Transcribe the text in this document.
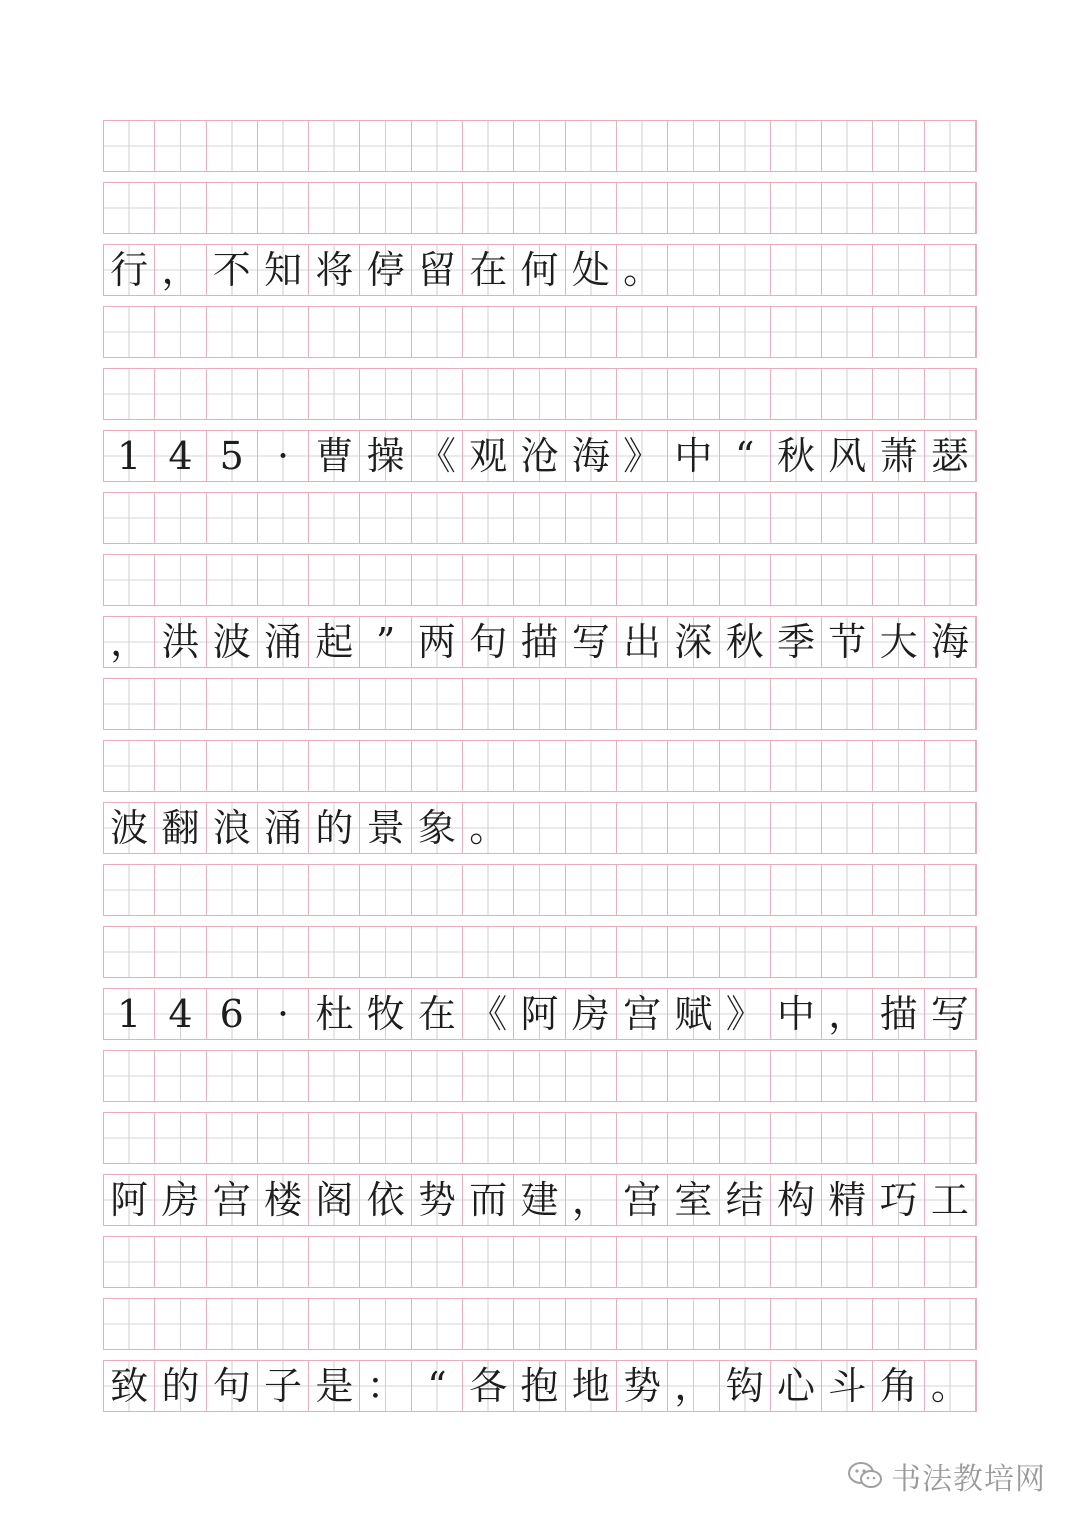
行 ， 不 知 将 停 留 在 何 处 。
1 4 5 · 曹 操 《 观 沧 海 》 中 “ 秋 风 萧 瑟
， 洪 波 涌 起 ” 两 句 描 写 出 深 秋 季 节 大 海
波 翻 浪 涌 的 景 象 。
1 4 6 · 杜 牧 在 《 阿 房 宫 赋 》 中 ， 描 写
阿 房 宫 楼 阁 依 势 而 建 ， 宫 室 结 构 精 巧 工
致 的 句 子 是 ： “ 各 抱 地 势 ， 钩 心 斗 角 。
书法教培网
